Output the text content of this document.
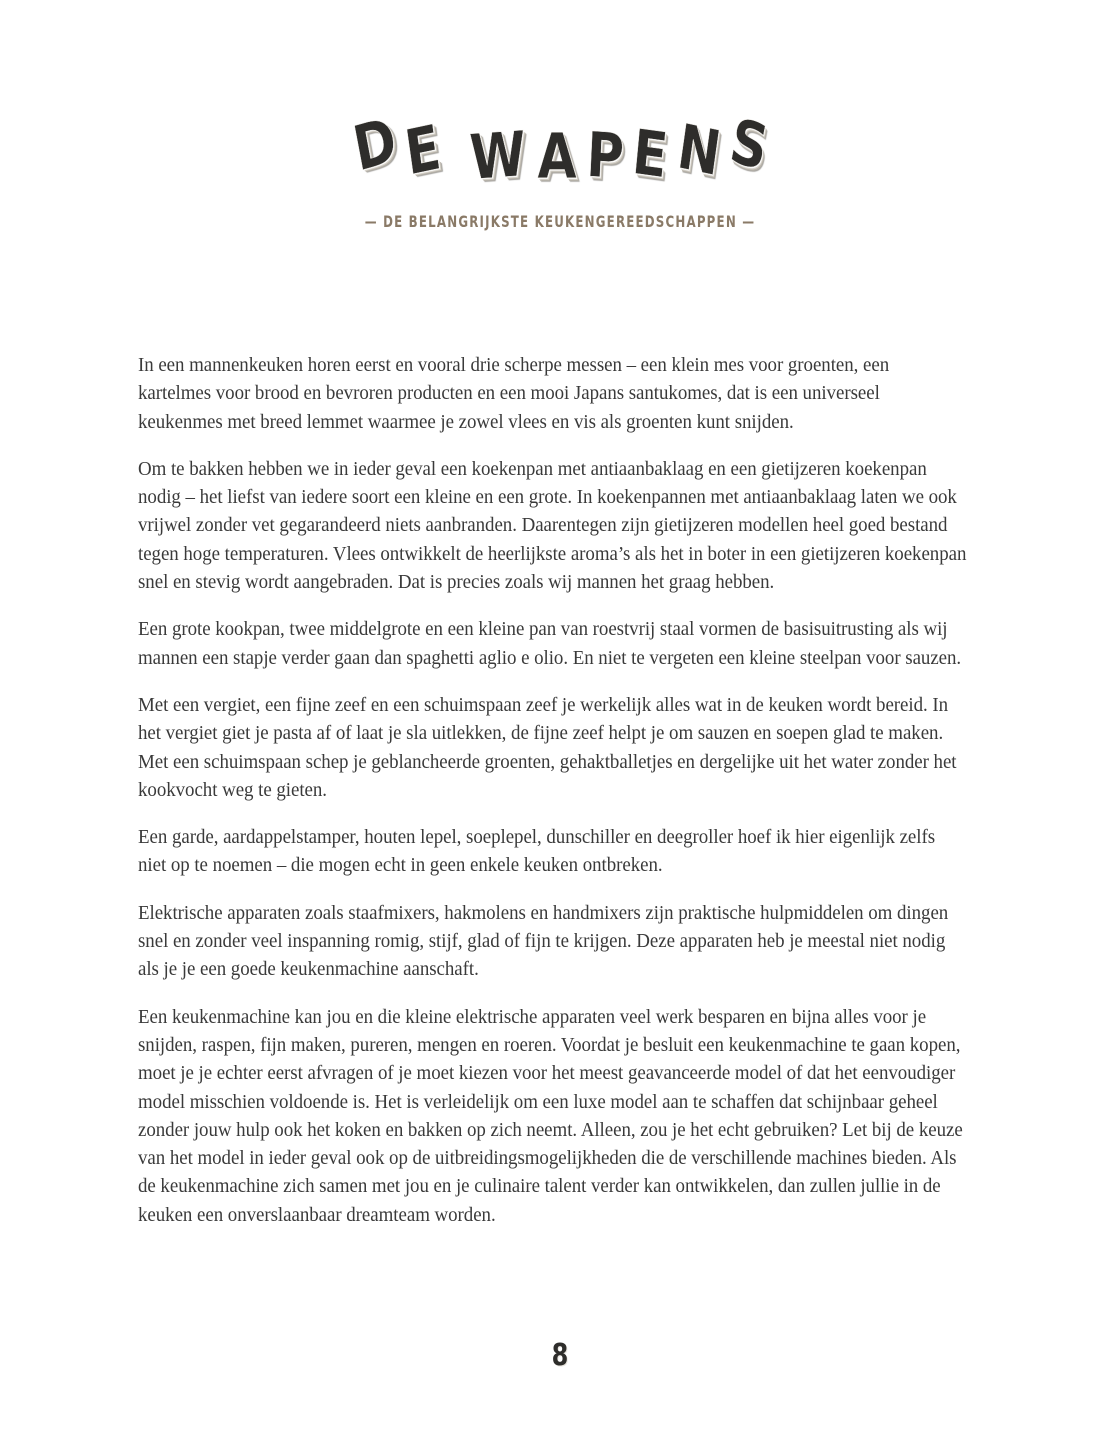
D
E
W A P E N S
— DE BELANGRIJKSTE KEUKENGEREEDSCHAPPEN —

In een mannenkeuken horen eerst en vooral drie scherpe messen – een klein mes voor groenten, een kartelmes voor brood en bevroren producten en een mooi Japans santukomes, dat is een universeel keukenmes met breed lemmet waarmee je zowel vlees en vis als groenten kunt snijden.

Om te bakken hebben we in ieder geval een koekenpan met antiaanbaklaag en een gietijzeren koekenpan nodig – het liefst van iedere soort een kleine en een grote. In koekenpannen met antiaanbaklaag laten we ook vrijwel zonder vet gegarandeerd niets aanbranden. Daarentegen zijn gietijzeren modellen heel goed bestand tegen hoge temperaturen. Vlees ontwikkelt de heerlijkste aroma’s als het in boter in een gietijzeren koekenpan snel en stevig wordt aangebraden. Dat is precies zoals wij mannen het graag hebben.

Een grote kookpan, twee middelgrote en een kleine pan van roestvrij staal vormen de basisuitrusting als wij mannen een stapje verder gaan dan spaghetti aglio e olio. En niet te vergeten een kleine steelpan voor sauzen.

Met een vergiet, een fijne zeef en een schuimspaan zeef je werkelijk alles wat in de keuken wordt bereid. In het vergiet giet je pasta af of laat je sla uitlekken, de fijne zeef helpt je om sauzen en soepen glad te maken. Met een schuimspaan schep je geblancheerde groenten, gehaktballetjes en dergelijke uit het water zonder het kookvocht weg te gieten.

Een garde, aardappelstamper, houten lepel, soeplepel, dunschiller en deegroller hoef ik hier eigenlijk zelfs niet op te noemen – die mogen echt in geen enkele keuken ontbreken.

Elektrische apparaten zoals staafmixers, hakmolens en handmixers zijn praktische hulpmiddelen om dingen snel en zonder veel inspanning romig, stijf, glad of fijn te krijgen. Deze apparaten heb je meestal niet nodig als je je een goede keukenmachine aanschaft.

Een keukenmachine kan jou en die kleine elektrische apparaten veel werk besparen en bijna alles voor je snijden, raspen, fijn maken, pureren, mengen en roeren. Voordat je besluit een keukenmachine te gaan kopen, moet je je echter eerst afvragen of je moet kiezen voor het meest geavanceerde model of dat het eenvoudiger model misschien voldoende is. Het is verleidelijk om een luxe model aan te schaffen dat schijnbaar geheel zonder jouw hulp ook het koken en bakken op zich neemt. Alleen, zou je het echt gebruiken? Let bij de keuze van het model in ieder geval ook op de uitbreidingsmogelijkheden die de verschillende machines bieden. Als de keukenmachine zich samen met jou en je culinaire talent verder kan ontwikkelen, dan zullen jullie in de keuken een onverslaanbaar dreamteam worden.

8
